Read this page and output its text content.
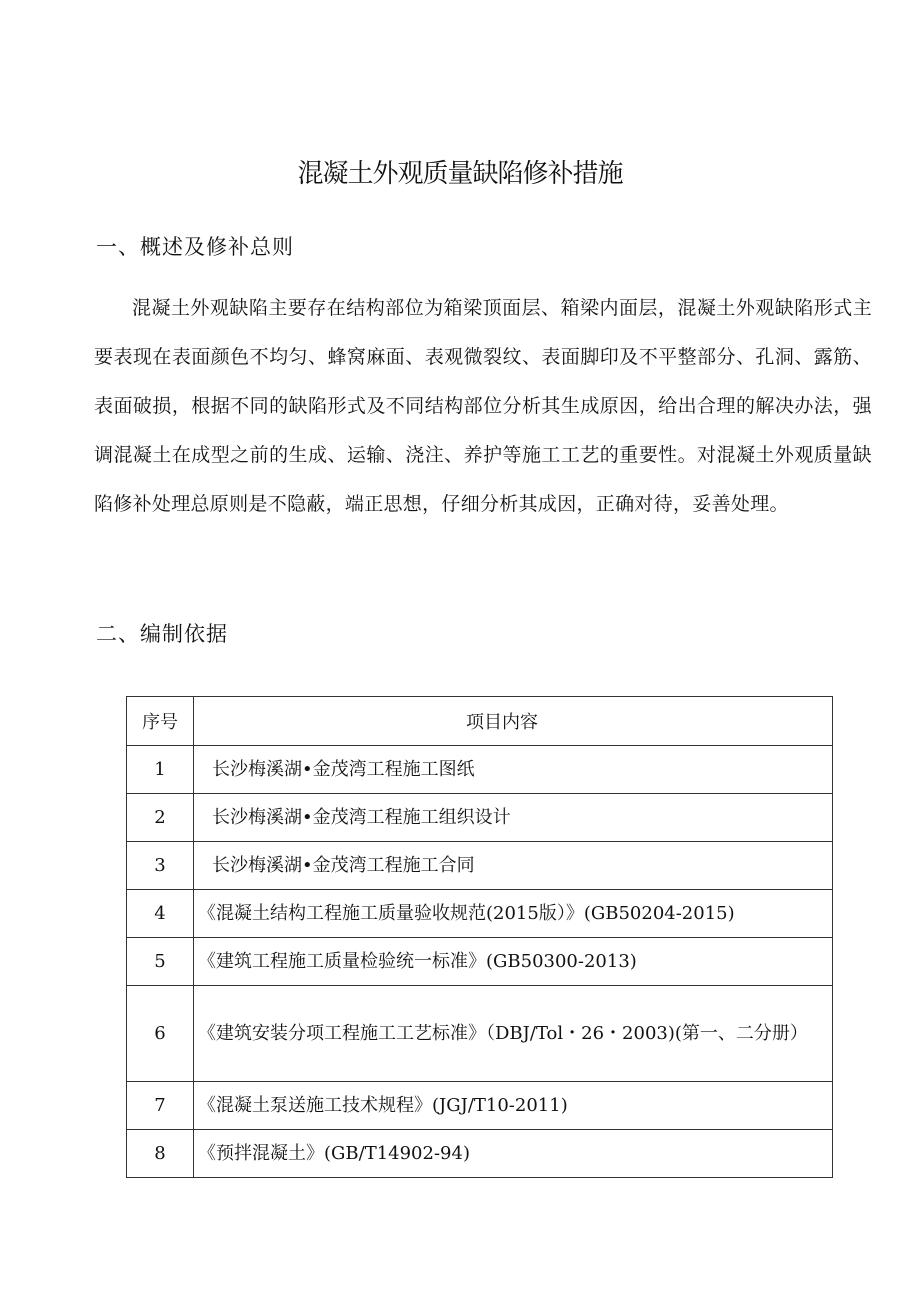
混凝土外观质量缺陷修补措施
一、概述及修补总则
混凝土外观缺陷主要存在结构部位为箱梁顶面层、箱梁内面层，混凝土外观缺陷形式主要表现在表面颜色不均匀、蜂窝麻面、表观微裂纹、表面脚印及不平整部分、孔洞、露筋、表面破损，根据不同的缺陷形式及不同结构部位分析其生成原因，给出合理的解决办法，强调混凝土在成型之前的生成、运输、浇注、养护等施工工艺的重要性。对混凝土外观质量缺陷修补处理总原则是不隐蔽，端正思想，仔细分析其成因，正确对待，妥善处理。
二、编制依据
序号	项目内容
1	长沙梅溪湖•金茂湾工程施工图纸
2	长沙梅溪湖•金茂湾工程施工组织设计
3	长沙梅溪湖•金茂湾工程施工合同
4	《混凝土结构工程施工质量验收规范(2015版）》(GB50204-2015)
5	《建筑工程施工质量检验统一标准》(GB50300-2013)
6	《建筑安装分项工程施工工艺标准》（DBJ/Tol・26・2003)(第一、二分册）
7	《混凝土泵送施工技术规程》(JGJ/T10-2011)
8	《预拌混凝土》(GB/T14902-94)
